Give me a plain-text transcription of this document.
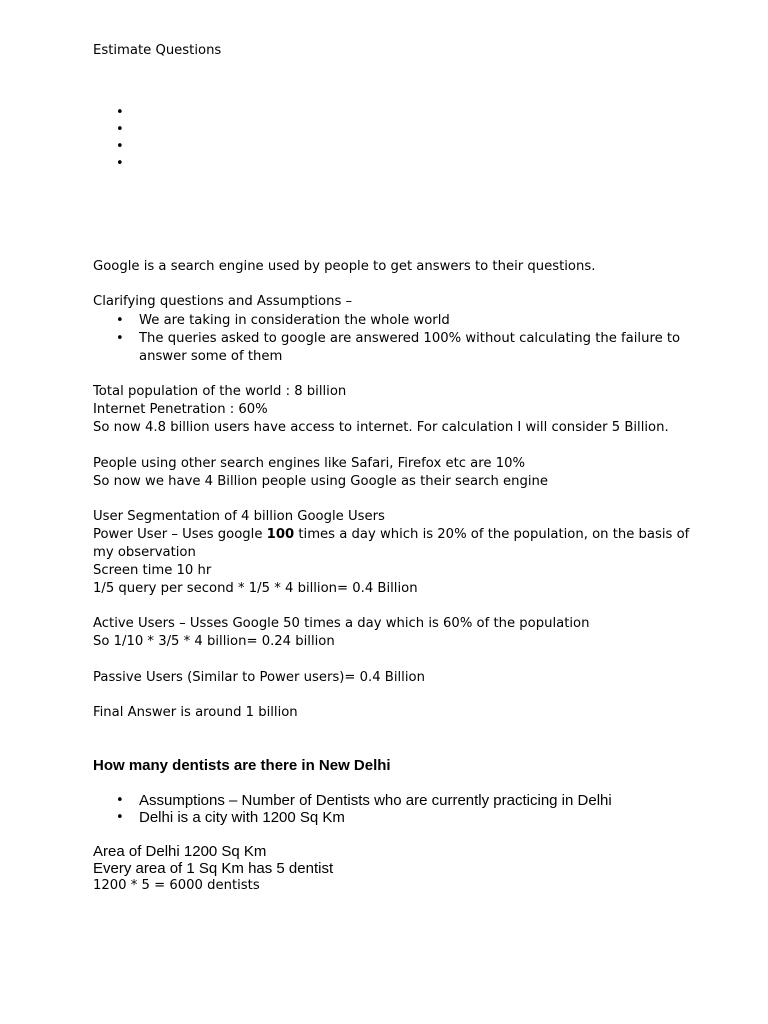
Estimate Questions
•
•
•
•
Google is a search engine used by people to get answers to their questions.
Clarifying questions and Assumptions –
• We are taking in consideration the whole world
• The queries asked to google are answered 100% without calculating the failure to
answer some of them
Total population of the world : 8 billion
Internet Penetration : 60%
So now 4.8 billion users have access to internet. For calculation I will consider 5 Billion.
People using other search engines like Safari, Firefox etc are 10%
So now we have 4 Billion people using Google as their search engine
User Segmentation of 4 billion Google Users
Power User – Uses google 100 times a day which is 20% of the population, on the basis of
my observation
Screen time 10 hr
1/5 query per second * 1/5 * 4 billion= 0.4 Billion
Active Users – Usses Google 50 times a day which is 60% of the population
So 1/10 * 3/5 * 4 billion= 0.24 billion
Passive Users (Similar to Power users)= 0.4 Billion
Final Answer is around 1 billion
How many dentists are there in New Delhi
• Assumptions – Number of Dentists who are currently practicing in Delhi
• Delhi is a city with 1200 Sq Km
Area of Delhi 1200 Sq Km
Every area of 1 Sq Km has 5 dentist
1200 * 5 = 6000 dentists
